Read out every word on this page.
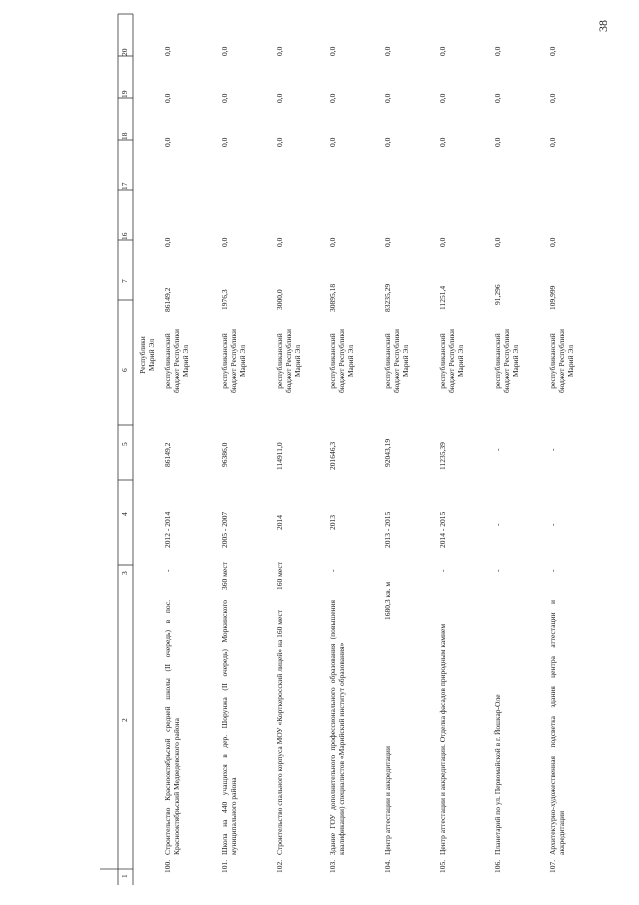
38
1
2
3
4
5
6
7
16
17
18
19
20
Республики Марий Эл
100.
Строительство Краснооктябрьской средней школы (II очередь) в пос. Краснооктябрьский Медведевского района
-
2012 - 2014
86149,2
республиканский бюджет Республики Марий Эл
86149,2
0,0
0,0
0,0
0,0
101.
Школа на 440 учащихся в дер. Шорунжа (II очередь) Моркинского муниципального района
360 мест
2005 - 2007
96386,0
республиканский бюджет Республики Марий Эл
1976,3
0,0
0,0
0,0
0,0
102.
Строительство спального корпуса МОУ «Корткеросский лицей» на 160 мест
160 мест
2014
114911,0
республиканский бюджет Республики Марий Эл
3000,0
0,0
0,0
0,0
0,0
103.
Здание ГОУ дополнительного профессионального образования (повышения квалификации) специалистов «Марийский институт образования»
-
2013
201646,3
республиканский бюджет Республики Марий Эл
30895,18
0,0
0,0
0,0
0,0
104.
Центр аттестации и аккредитации
1680,3 кв. м
2013 - 2015
92043,19
республиканский бюджет Республики Марий Эл
83235,29
0,0
0,0
0,0
0,0
105.
Центр аттестации и аккредитации. Отделка фасадов природным камнем
-
2014 - 2015
11235,39
республиканский бюджет Республики Марий Эл
11251,4
0,0
0,0
0,0
0,0
106.
Планетарий по ул. Первомайской в г. Йошкар-Оле
-
-
-
республиканский бюджет Республики Марий Эл
91,296
0,0
0,0
0,0
0,0
107.
Архитектурно-художественная подсветка здания центра аттестации и аккредитации
-
-
-
республиканский бюджет Республики Марий Эл
109,999
0,0
0,0
0,0
0,0
